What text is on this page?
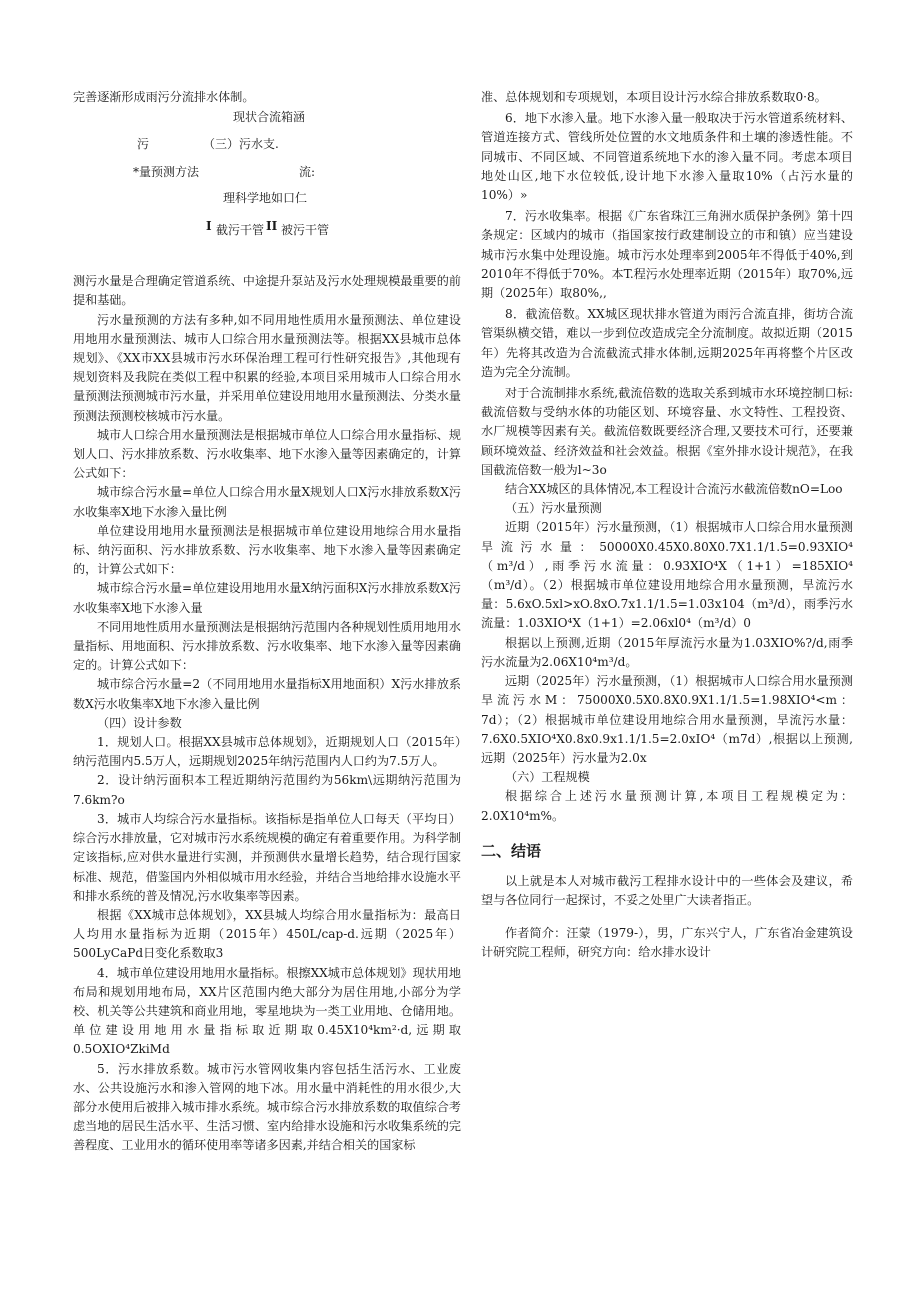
完善逐渐形成雨污分流排水体制。

现状合流箱涵
污	（三）污水支.
*量预测方法	流:
理科学地如口仁
I 截污干管 II 被污干管

测污水量是合理确定管道系统、中途提升泵站及污水处理规模最重要的前提和基础。

污水量预测的方法有多种,如不同用地性质用水量预测法、单位建设用地用水量预测法、城市人口综合用水量预测法等。根据XX县城市总体规划》、《XX市XX县城市污水环保治理工程可行性研究报告》,其他现有规划资料及我院在类似工程中积累的经验,本项目采用城市人口综合用水量预测法预测城市污水量，并采用单位建设用地用水量预测法、分类水量预测法预测校核城市污水量。

城市人口综合用水量预测法是根据城市单位人口综合用水量指标、规划人口、污水排放系数、污水收集率、地下水渗入量等因素确定的，计算公式如下：

城市综合污水量=单位人口综合用水量X规划人口X污水排放系数X污水收集率X地下水渗入量比例

单位建设用地用水量预测法是根据城市单位建设用地综合用水量指标、纳污面积、污水排放系数、污水收集率、地下水渗入量等因素确定的，计算公式如下：

城市综合污水量=单位建设用地用水量X纳污面积X污水排放系数X污水收集率X地下水渗入量

不同用地性质用水量预测法是根据纳污范围内各种规划性质用地用水量指标、用地面积、污水排放系数、污水收集率、地下水渗入量等因素确定的。计算公式如下：

城市综合污水量=2（不同用地用水量指标X用地面积）X污水排放系数X污水收集率X地下水渗入量比例

（四）设计参数

1．规划人口。根据XX县城市总体规划》，近期规划人口（2015年）纳污范围内5.5万人，远期规划2025年纳污范围内人口约为7.5万人。

2．设计纳污面积本工程近期纳污范围约为56km\远期纳污范围为7.6km?o

3．城市人均综合污水量指标。该指标是指单位人口每天（平均日）综合污水排放量，它对城市污水系统规模的确定有着重要作用。为科学制定该指标,应对供水量进行实测，并预测供水量增长趋势，结合现行国家标准、规范，借鉴国内外相似城市用水经验，并结合当地给排水设施水平和排水系统的普及情况,污水收集率等因素。

根据《XX城市总体规划》，XX县城人均综合用水量指标为：最高日人均用水量指标为近期（2015年）450L/cap-d.远期（2025年）500LyCaPd日变化系数取3

4．城市单位建设用地用水量指标。根擦XX城市总体规划》现状用地布局和规划用地布局，XX片区范围内绝大部分为居住用地,小部分为学校、机关等公共建筑和商业用地，零星地块为一类工业用地、仓储用地。单位建设用地用水量指标取近期取0.45X10⁴km²·d,远期取0.5OXIO⁴ZkiMd

5．污水排放系数。城市污水管网收集内容包括生活污水、工业废水、公共设施污水和渗入管网的地下冰。用水量中消耗性的用水很少,大部分水使用后被排入城市排水系统。城市综合污水排放系数的取值综合考虑当地的居民生活水平、生活习惯、室内给排水设施和污水收集系统的完善程度、工业用水的循环使用率等诸多因素,并结合相关的国家标

准、总体规划和专项规划，本项目设计污水综合排放系数取0·8。

6．地下水渗入量。地下水渗入量一般取决于污水管道系统材料、管道连接方式、管线所处位置的水文地质条件和土壤的渗透性能。不同城市、不同区域、不同管道系统地下水的渗入量不同。考虑本项目地处山区,地下水位较低,设计地下水渗入量取10%（占污水量的10%）»

7．污水收集率。根据《广东省珠江三角洲水质保护条例》第十四条规定：区域内的城市（指国家按行政建制设立的市和镇）应当建设城市污水集中处理设施。城市污水处理率到2005年不得低于40%,到2010年不得低于70%。本T.程污水处理率近期（2015年）取70%,远期（2025年）取80%,,

8．截流倍数。XX城区现状排水管道为雨污合流直排，街坊合流管渠纵横交错，难以一步到位改造成完全分流制度。故拟近期（2015年）先将其改造为合流截流式排水体制,远期2025年再将整个片区改造为完全分流制。

对于合流制排水系统,截流倍数的选取关系到城市水环境控制口标:截流倍数与受纳水体的功能区划、环境容量、水文特性、工程投资、水厂规模等因素有关。截流倍数既要经济合理,又要技术可行，还要兼顾环境效益、经济效益和社会效益。根据《室外排水设计规范》，在我国截流倍数一般为l~3o

结合XX城区的具体情况,本工程设计合流污水截流倍数nO=Loo

（五）污水量预测

近期（2015年）污水量预测，（1）根据城市人口综合用水量预测旱流污水量：50000X0.45X0.80X0.7X1.1/1.5=0.93XIO⁴（m³/d）,雨季污水流量：0.93XIO⁴X（1+1）=185XIO⁴（m³/d）。（2）根据城市单位建设用地综合用水量预测，旱流污水量：5.6xO.5xl>xO.8xO.7x1.1/1.5=1.03x104（m³/d），雨季污水流量：1.03XIO⁴X（1+1）=2.06xl0⁴（m³/d）0

根据以上预测,近期（2015年厚流污水量为1.03XIO%?/d,雨季污水流量为2.06X10⁴m³/d。

远期（2025年）污水量预测，（1）根据城市人口综合用水量预测旱流污水M：75000X0.5X0.8X0.9X1.1/1.5=1.98XIO⁴<m：7d）；（2）根据城市单位建设用地综合用水量预测，旱流污水量：7.6X0.5XIO⁴X0.8x0.9x1.1/1.5=2.0xIO⁴（m7d）,根据以上预测,远期（2025年）污水量为2.0x

（六）工程规模

根据综合上述污水量预测计算,本项目工程规模定为：2.0X10⁴m%。

二、结语

以上就是本人对城市截污工程排水设计中的一些体会及建议，希望与各位同行一起探讨，不妥之处里广大读者指正。

作者简介：汪蒙（1979-），男，广东兴宁人，广东省冶金建筑设计研究院工程师，研究方向：给水排水设计
